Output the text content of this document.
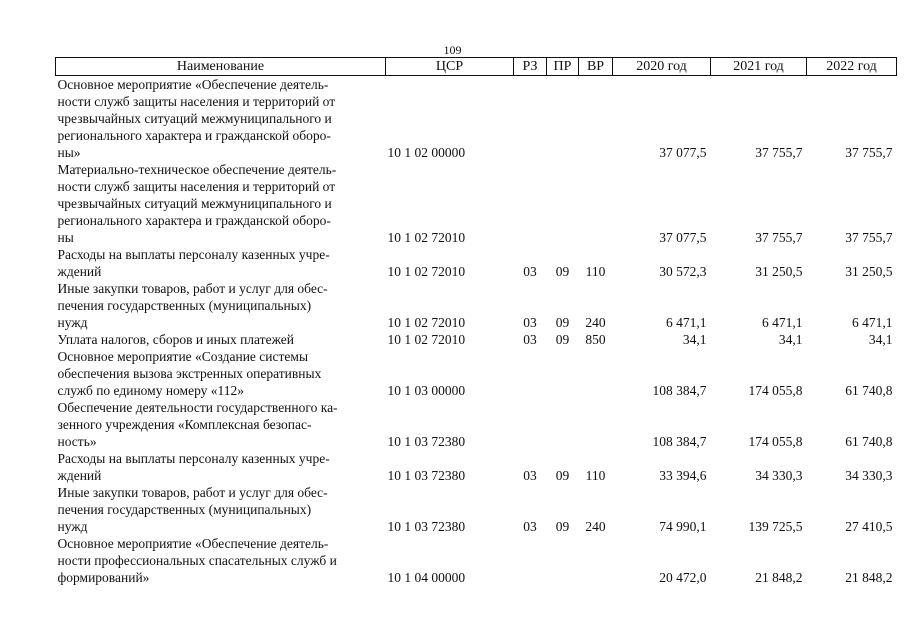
109
Наименование	ЦСР	РЗ	ПР	ВР	2020 год	2021 год	2022 год

Основное мероприятие «Обеспечение деятель-
ности служб защиты населения и территорий от
чрезвычайных ситуаций межмуниципального и
регионального характера и гражданской оборо-
ны»	10 1 02 00000				37 077,5	37 755,7	37 755,7

Материально-техническое обеспечение деятель-
ности служб защиты населения и территорий от
чрезвычайных ситуаций межмуниципального и
регионального характера и гражданской оборо-
ны	10 1 02 72010				37 077,5	37 755,7	37 755,7

Расходы на выплаты персоналу казенных учре-
ждений	10 1 02 72010	03	09	110	30 572,3	31 250,5	31 250,5

Иные закупки товаров, работ и услуг для обес-
печения государственных (муниципальных)
нужд	10 1 02 72010	03	09	240	6 471,1	6 471,1	6 471,1

Уплата налогов, сборов и иных платежей	10 1 02 72010	03	09	850	34,1	34,1	34,1

Основное мероприятие «Создание системы
обеспечения вызова экстренных оперативных
служб по единому номеру «112»	10 1 03 00000				108 384,7	174 055,8	61 740,8

Обеспечение деятельности государственного ка-
зенного учреждения «Комплексная безопас-
ность»	10 1 03 72380				108 384,7	174 055,8	61 740,8

Расходы на выплаты персоналу казенных учре-
ждений	10 1 03 72380	03	09	110	33 394,6	34 330,3	34 330,3

Иные закупки товаров, работ и услуг для обес-
печения государственных (муниципальных)
нужд	10 1 03 72380	03	09	240	74 990,1	139 725,5	27 410,5

Основное мероприятие «Обеспечение деятель-
ности профессиональных спасательных служб и
формирований»	10 1 04 00000				20 472,0	21 848,2	21 848,2
